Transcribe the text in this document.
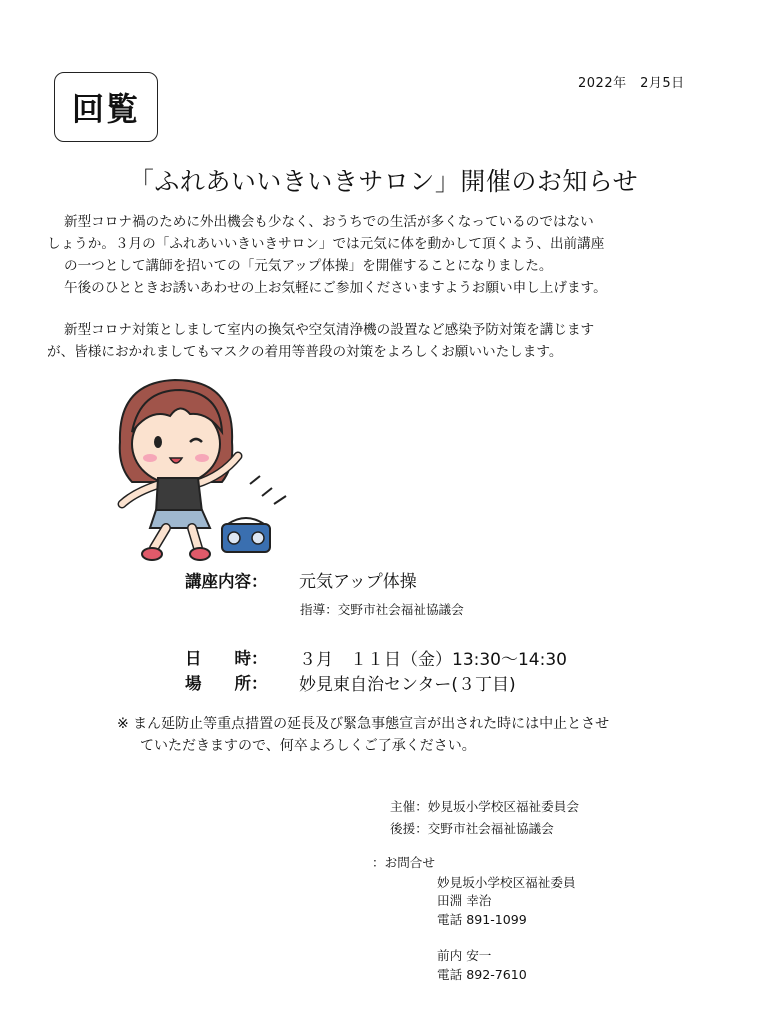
2022年　2月5日
回覧
「ふれあいいきいきサロン」開催のお知らせ
新型コロナ禍のために外出機会も少なく、おうちでの生活が多くなっているのではない
しょうか。３月の「ふれあいいきいきサロン」では元気に体を動かして頂くよう、出前講座
の一つとして講師を招いての「元気アップ体操」を開催することになりました。
午後のひとときお誘いあわせの上お気軽にご参加くださいますようお願い申し上げます。
新型コロナ対策としまして室内の換気や空気清浄機の設置など感染予防対策を講じます
が、皆様におかれましてもマスクの着用等普段の対策をよろしくお願いいたします。
講座内容： 元気アップ体操
指導：交野市社会福祉協議会
日　　時： ３月　１１日（金）13:30〜14:30
場　　所： 妙見東自治センター(３丁目)
※ まん延防止等重点措置の延長及び緊急事態宣言が出された時には中止とさせ
ていただきますので、何卒よろしくご了承ください。
主催：妙見坂小学校区福祉委員会
後援：交野市社会福祉協議会
：お問合せ
妙見坂小学校区福祉委員
田淵 幸治
電話 891-1099
前内 安一
電話 892-7610
